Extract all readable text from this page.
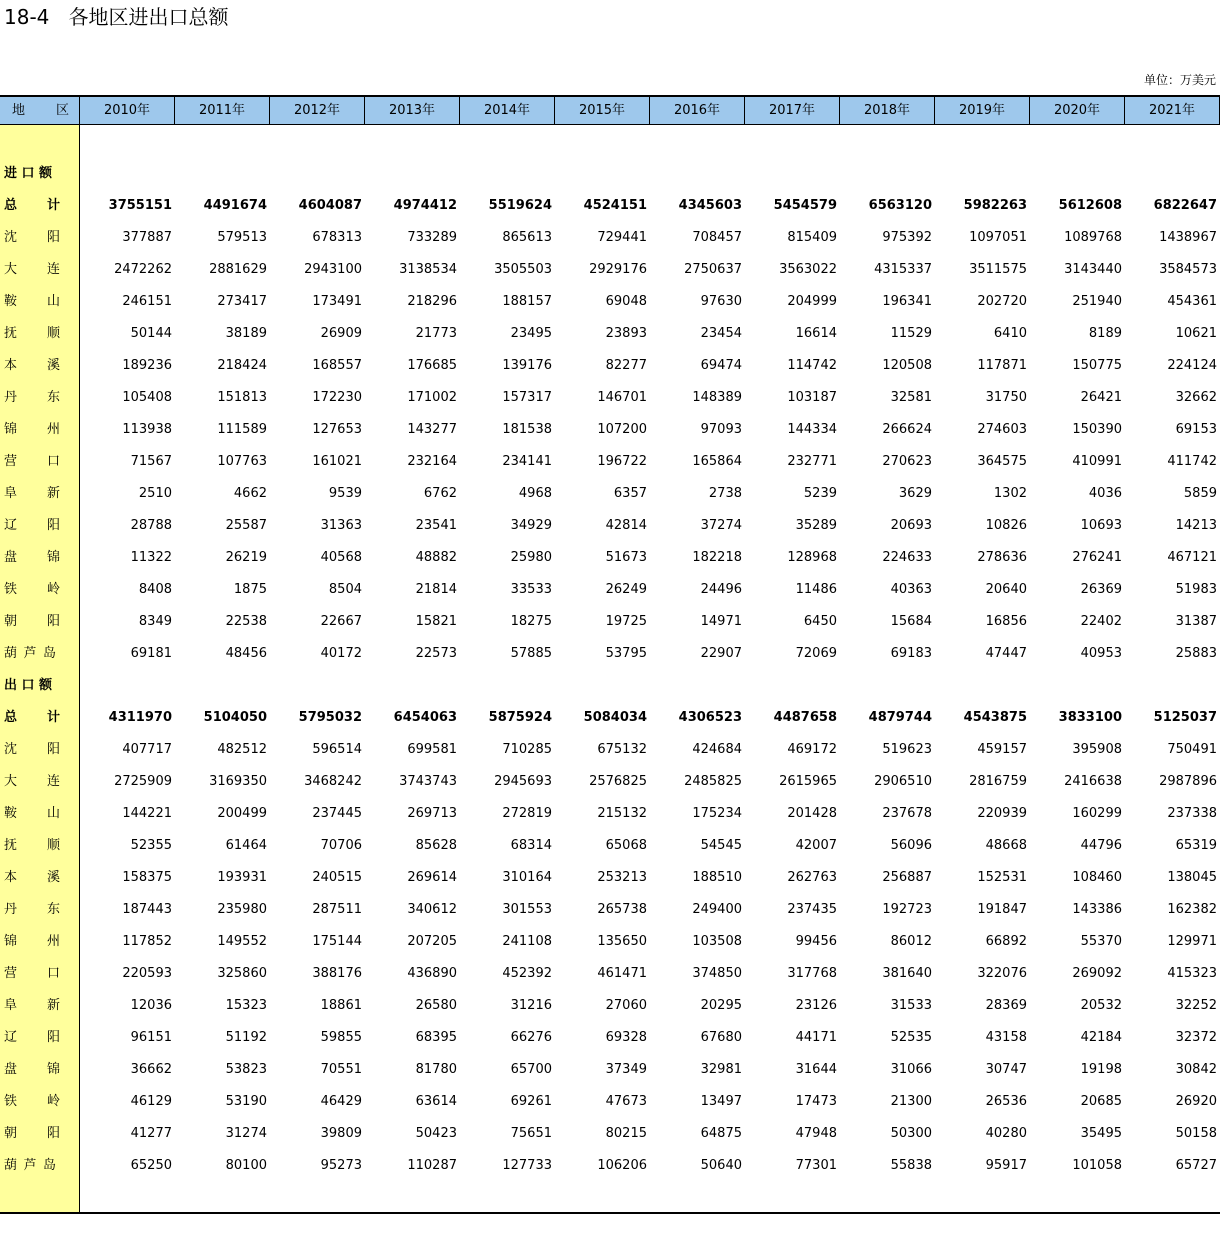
18-4   各地区进出口总额
单位：万美元
地 区	2010年	2011年	2012年	2013年	2014年	2015年	2016年	2017年	2018年	2019年	2020年	2021年
进 口 额
总 计	3755151	4491674	4604087	4974412	5519624	4524151	4345603	5454579	6563120	5982263	5612608	6822647
沈 阳	377887	579513	678313	733289	865613	729441	708457	815409	975392	1097051	1089768	1438967
大 连	2472262	2881629	2943100	3138534	3505503	2929176	2750637	3563022	4315337	3511575	3143440	3584573
鞍 山	246151	273417	173491	218296	188157	69048	97630	204999	196341	202720	251940	454361
抚 顺	50144	38189	26909	21773	23495	23893	23454	16614	11529	6410	8189	10621
本 溪	189236	218424	168557	176685	139176	82277	69474	114742	120508	117871	150775	224124
丹 东	105408	151813	172230	171002	157317	146701	148389	103187	32581	31750	26421	32662
锦 州	113938	111589	127653	143277	181538	107200	97093	144334	266624	274603	150390	69153
营 口	71567	107763	161021	232164	234141	196722	165864	232771	270623	364575	410991	411742
阜 新	2510	4662	9539	6762	4968	6357	2738	5239	3629	1302	4036	5859
辽 阳	28788	25587	31363	23541	34929	42814	37274	35289	20693	10826	10693	14213
盘 锦	11322	26219	40568	48882	25980	51673	182218	128968	224633	278636	276241	467121
铁 岭	8408	1875	8504	21814	33533	26249	24496	11486	40363	20640	26369	51983
朝 阳	8349	22538	22667	15821	18275	19725	14971	6450	15684	16856	22402	31387
葫 芦 岛	69181	48456	40172	22573	57885	53795	22907	72069	69183	47447	40953	25883
出 口 额
总 计	4311970	5104050	5795032	6454063	5875924	5084034	4306523	4487658	4879744	4543875	3833100	5125037
沈 阳	407717	482512	596514	699581	710285	675132	424684	469172	519623	459157	395908	750491
大 连	2725909	3169350	3468242	3743743	2945693	2576825	2485825	2615965	2906510	2816759	2416638	2987896
鞍 山	144221	200499	237445	269713	272819	215132	175234	201428	237678	220939	160299	237338
抚 顺	52355	61464	70706	85628	68314	65068	54545	42007	56096	48668	44796	65319
本 溪	158375	193931	240515	269614	310164	253213	188510	262763	256887	152531	108460	138045
丹 东	187443	235980	287511	340612	301553	265738	249400	237435	192723	191847	143386	162382
锦 州	117852	149552	175144	207205	241108	135650	103508	99456	86012	66892	55370	129971
营 口	220593	325860	388176	436890	452392	461471	374850	317768	381640	322076	269092	415323
阜 新	12036	15323	18861	26580	31216	27060	20295	23126	31533	28369	20532	32252
辽 阳	96151	51192	59855	68395	66276	69328	67680	44171	52535	43158	42184	32372
盘 锦	36662	53823	70551	81780	65700	37349	32981	31644	31066	30747	19198	30842
铁 岭	46129	53190	46429	63614	69261	47673	13497	17473	21300	26536	20685	26920
朝 阳	41277	31274	39809	50423	75651	80215	64875	47948	50300	40280	35495	50158
葫 芦 岛	65250	80100	95273	110287	127733	106206	50640	77301	55838	95917	101058	65727
